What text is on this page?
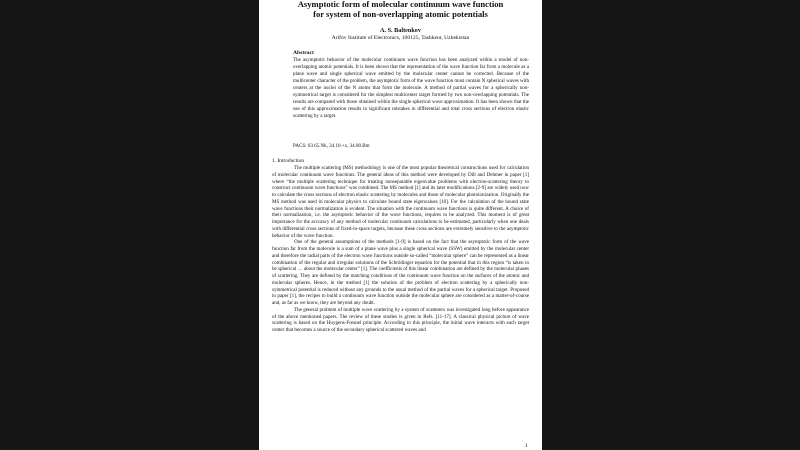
Asymptotic form of molecular continuum wave function
for system of non-overlapping atomic potentials
A. S. Baltenkov
Arifov Institute of Electronics, 100125, Tashkent, Uzbekistan
Abstract
The asymptotic behavior of the molecular continuum wave function has been analyzed within a model of non-overlapping atomic potentials. It is been shown that the representation of the wave function far from a molecule as a plane wave and single spherical wave emitted by the molecular center cannot be corrected. Because of the multicenter character of the problem, the asymptotic form of the wave function must contain N spherical waves with centers at the nuclei of the N atoms that form the molecule. A method of partial waves for a spherically non-symmetrical target is considered for the simplest multicenter target formed by two non-overlapping potentials. The results are compared with those obtained within the single spherical wave approximation. It has been shown that the use of this approximation results in significant mistakes in differential and total cross sections of electron elastic scattering by a target.
PACS: 03.65.Nk, 34.10.+x, 34.80.Bm
1. Introduction

The multiple scattering (MS) methodology is one of the most popular theoretical constructions used for calculation of molecular continuum wave functions. The general ideas of this method were developed by Dill and Dehmer in paper [1] where “the multiple scattering technique for treating nonseparable eigenvalue problems with electron-scattering theory to construct continuum wave functions” was combined. The MS method [1] and its later modifications [2-9] are widely used now to calculate the cross sections of electron elastic scattering by molecules and those of molecular photoionization. Originally the MS method was used in molecular physics to calculate bound state eigenvalues [10]. For the calculation of the bound state wave functions their normalization is evident. The situation with the continuum wave functions is quite different. A choice of their normalization, i.e. the asymptotic behavior of the wave functions, requires to be analyzed. This moment is of great importance for the accuracy of any method of molecular continuum calculations to be estimated, particularly when one deals with differential cross sections of fixed-in-space targets, because these cross sections are extremely sensitive to the asymptotic behavior of the wave function.

One of the general assumptions of the methods [1-9] is based on the fact that the asymptotic form of the wave function far from the molecule is a sum of a plane wave plus a single spherical wave (SSW) emitted by the molecular center and therefore the radial parts of the electron wave functions outside so-called “molecular sphere” can be represented as a linear combination of the regular and irregular solutions of the Schrödinger equation for the potential that in this region “is taken to be spherical … about the molecular center” [1]. The coefficients of this linear combination are defined by the molecular phases of scattering. They are defined by the matching conditions of the continuum wave function on the surfaces of the atomic and molecular spheres. Hence, in the method [1] the solution of the problem of electron scattering by a spherically non-symmetrical potential is reduced without any grounds to the usual method of the partial waves for a spherical target. Proposed in paper [1], the recipes to build a continuum wave function outside the molecular sphere are considered as a matter-of-course and, as far as we know, they are beyond any doubt.

The general problem of multiple wave scattering by a system of scatterers was investigated long before appearance of the above mentioned papers. The review of these studies is given in Refs. [11-17]. A classical physical picture of wave scattering is based on the Huygens-Fresnel principle. According to this principle, the initial wave interacts with each target center that becomes a source of the secondary spherical scattered waves and

1
